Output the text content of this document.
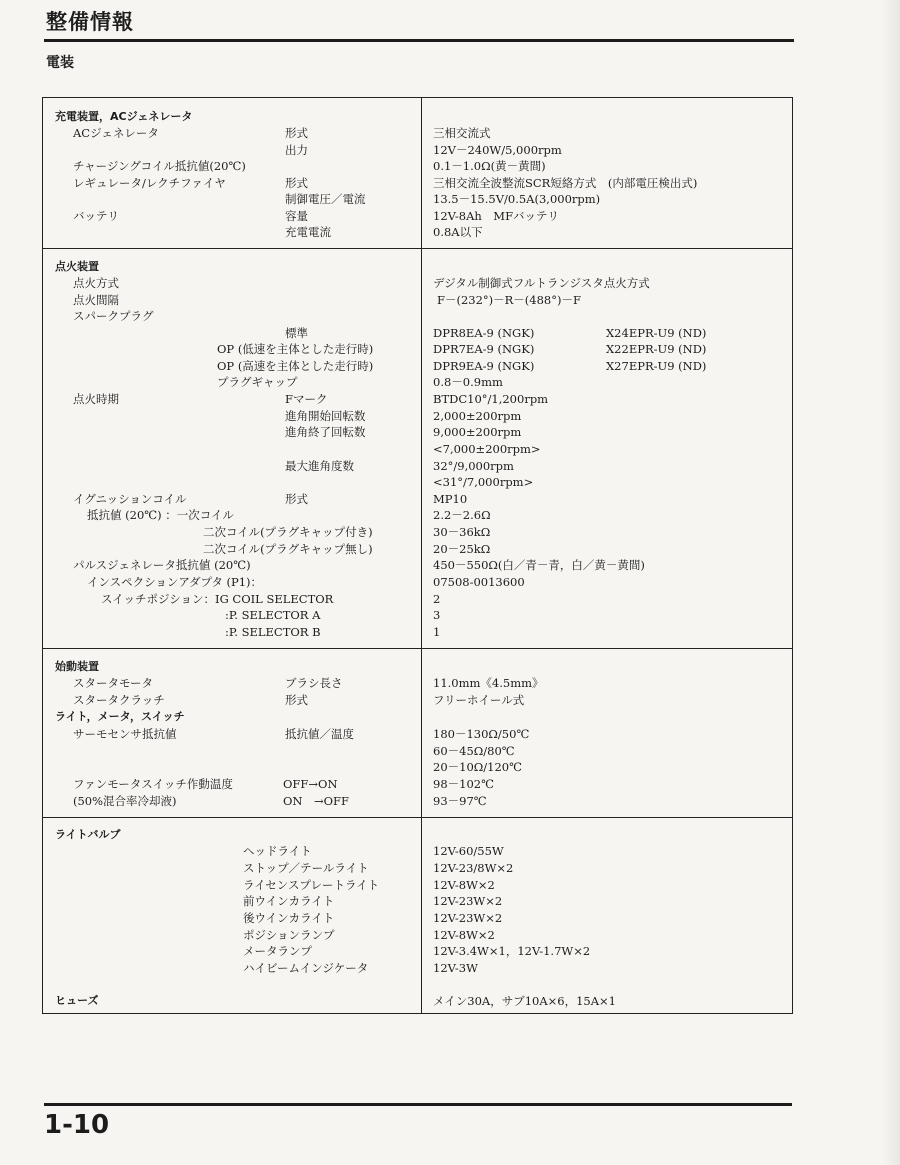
整備情報
電装
充電装置，ACジェネレータ
ACジェネレータ	形式	三相交流式
出力	12V－240W/5,000rpm
チャージングコイル抵抗値(20℃)	0.1－1.0Ω(黄－黄間)
レギュレータ/レクチファイヤ	形式	三相交流全波整流SCR短絡方式　(内部電圧検出式)
制御電圧／電流	13.5－15.5V/0.5A(3,000rpm)
バッテリ	容量	12V-8Ah　MFバッテリ
充電電流	0.8A以下
点火装置
点火方式	デジタル制御式フルトランジスタ点火方式
点火間隔	F－(232°)－R－(488°)－F
スパークプラグ
標準	DPR8EA-9 (NGK)	X24EPR-U9 (ND)
OP (低速を主体とした走行時)	DPR7EA-9 (NGK)	X22EPR-U9 (ND)
OP (高速を主体とした走行時)	DPR9EA-9 (NGK)	X27EPR-U9 (ND)
プラグギャップ	0.8－0.9mm
点火時期	Fマーク	BTDC10°/1,200rpm
進角開始回転数	2,000±200rpm
進角終了回転数	9,000±200rpm
<7,000±200rpm>
最大進角度数	32°/9,000rpm
<31°/7,000rpm>
イグニッションコイル	形式	MP10
抵抗値 (20℃) ：一次コイル	2.2－2.6Ω
二次コイル(プラグキャップ付き)	30－36kΩ
二次コイル(プラグキャップ無し)	20－25kΩ
パルスジェネレータ抵抗値 (20℃)	450－550Ω(白／青－青，白／黄－黄間)
インスペクションアダプタ (P1)：	07508-0013600
スイッチポジション：IG COIL SELECTOR	2
:P. SELECTOR A	3
:P. SELECTOR B	1
始動装置
スタータモータ	ブラシ長さ	11.0mm《4.5mm》
スタータクラッチ	形式	フリーホイール式
ライト，メータ，スイッチ
サーモセンサ抵抗値	抵抗値／温度	180－130Ω/50℃
60－45Ω/80℃
20－10Ω/120℃
ファンモータスイッチ作動温度	OFF→ON	98－102℃
(50%混合率冷却液)	ON　→OFF	93－97℃
ライトバルブ
ヘッドライト	12V-60/55W
ストップ／テールライト	12V-23/8W×2
ライセンスプレートライト	12V-8W×2
前ウインカライト	12V-23W×2
後ウインカライト	12V-23W×2
ポジションランプ	12V-8W×2
メータランプ	12V-3.4W×1，12V-1.7W×2
ハイビームインジケータ	12V-3W
ヒューズ	メイン30A，サブ10A×6，15A×1
1-10
